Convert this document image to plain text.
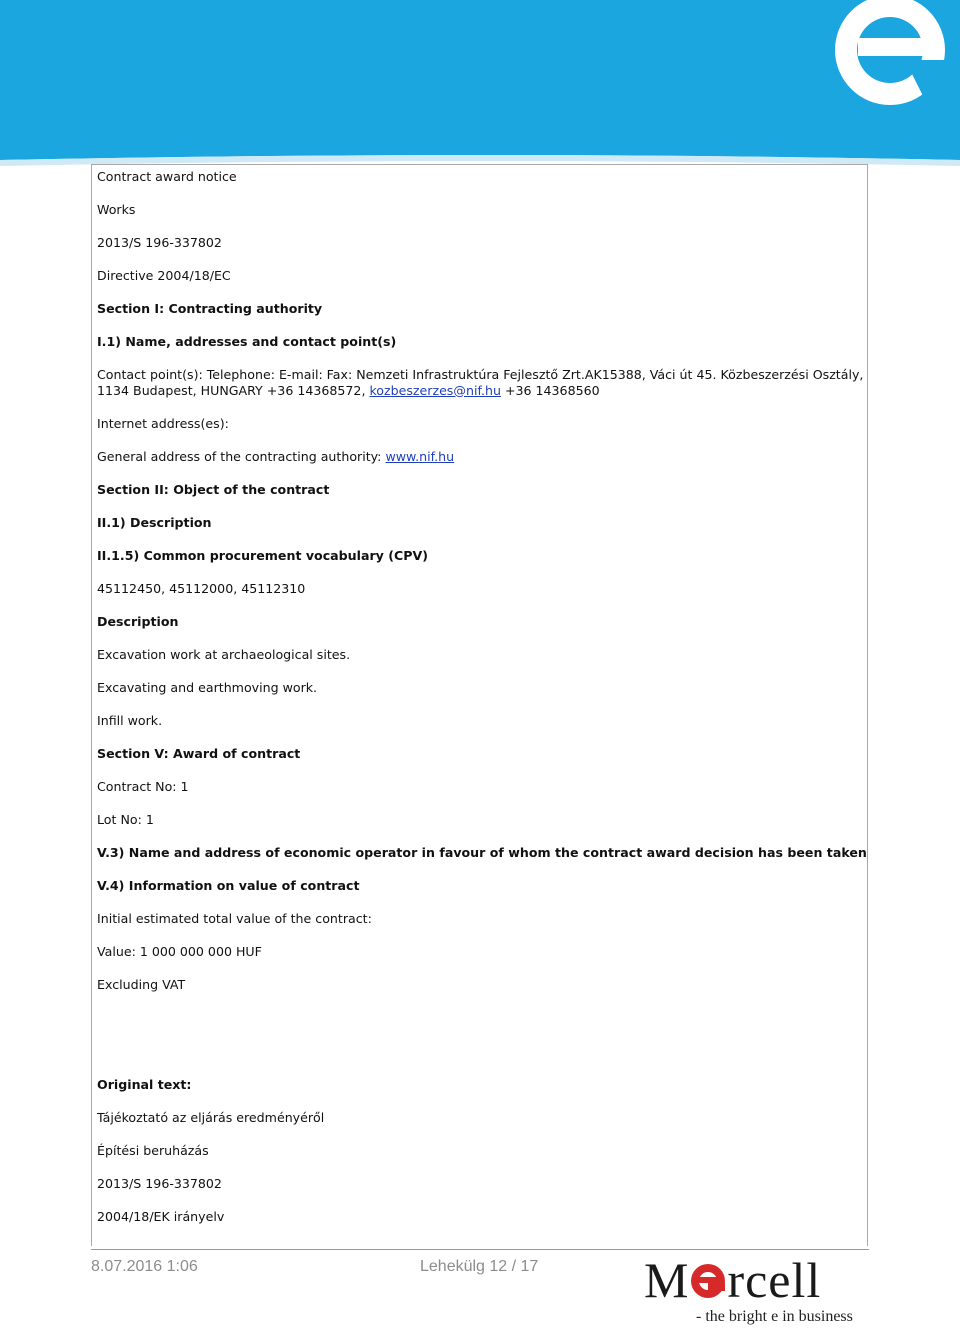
Contract award notice
Works
2013/S 196-337802
Directive 2004/18/EC
Section I: Contracting authority
I.1) Name, addresses and contact point(s)
Contact point(s): Telephone: E-mail: Fax: Nemzeti Infrastruktúra Fejlesztő Zrt.AK15388, Váci út 45. Közbeszerzési Osztály, 1134 Budapest, HUNGARY +36 14368572, kozbeszerzes@nif.hu +36 14368560
Internet address(es):
General address of the contracting authority: www.nif.hu
Section II: Object of the contract
II.1) Description
II.1.5) Common procurement vocabulary (CPV)
45112450, 45112000, 45112310
Description
Excavation work at archaeological sites.
Excavating and earthmoving work.
Infill work.
Section V: Award of contract
Contract No: 1
Lot No: 1
V.3) Name and address of economic operator in favour of whom the contract award decision has been taken
V.4) Information on value of contract
Initial estimated total value of the contract:
Value: 1 000 000 000 HUF
Excluding VAT
Original text:
Tájékoztató az eljárás eredményéről
Építési beruházás
2013/S 196-337802
2004/18/EK irányelv
8.07.2016 1:06	Lehekülg 12 / 17 M rcell
- the bright e in business
